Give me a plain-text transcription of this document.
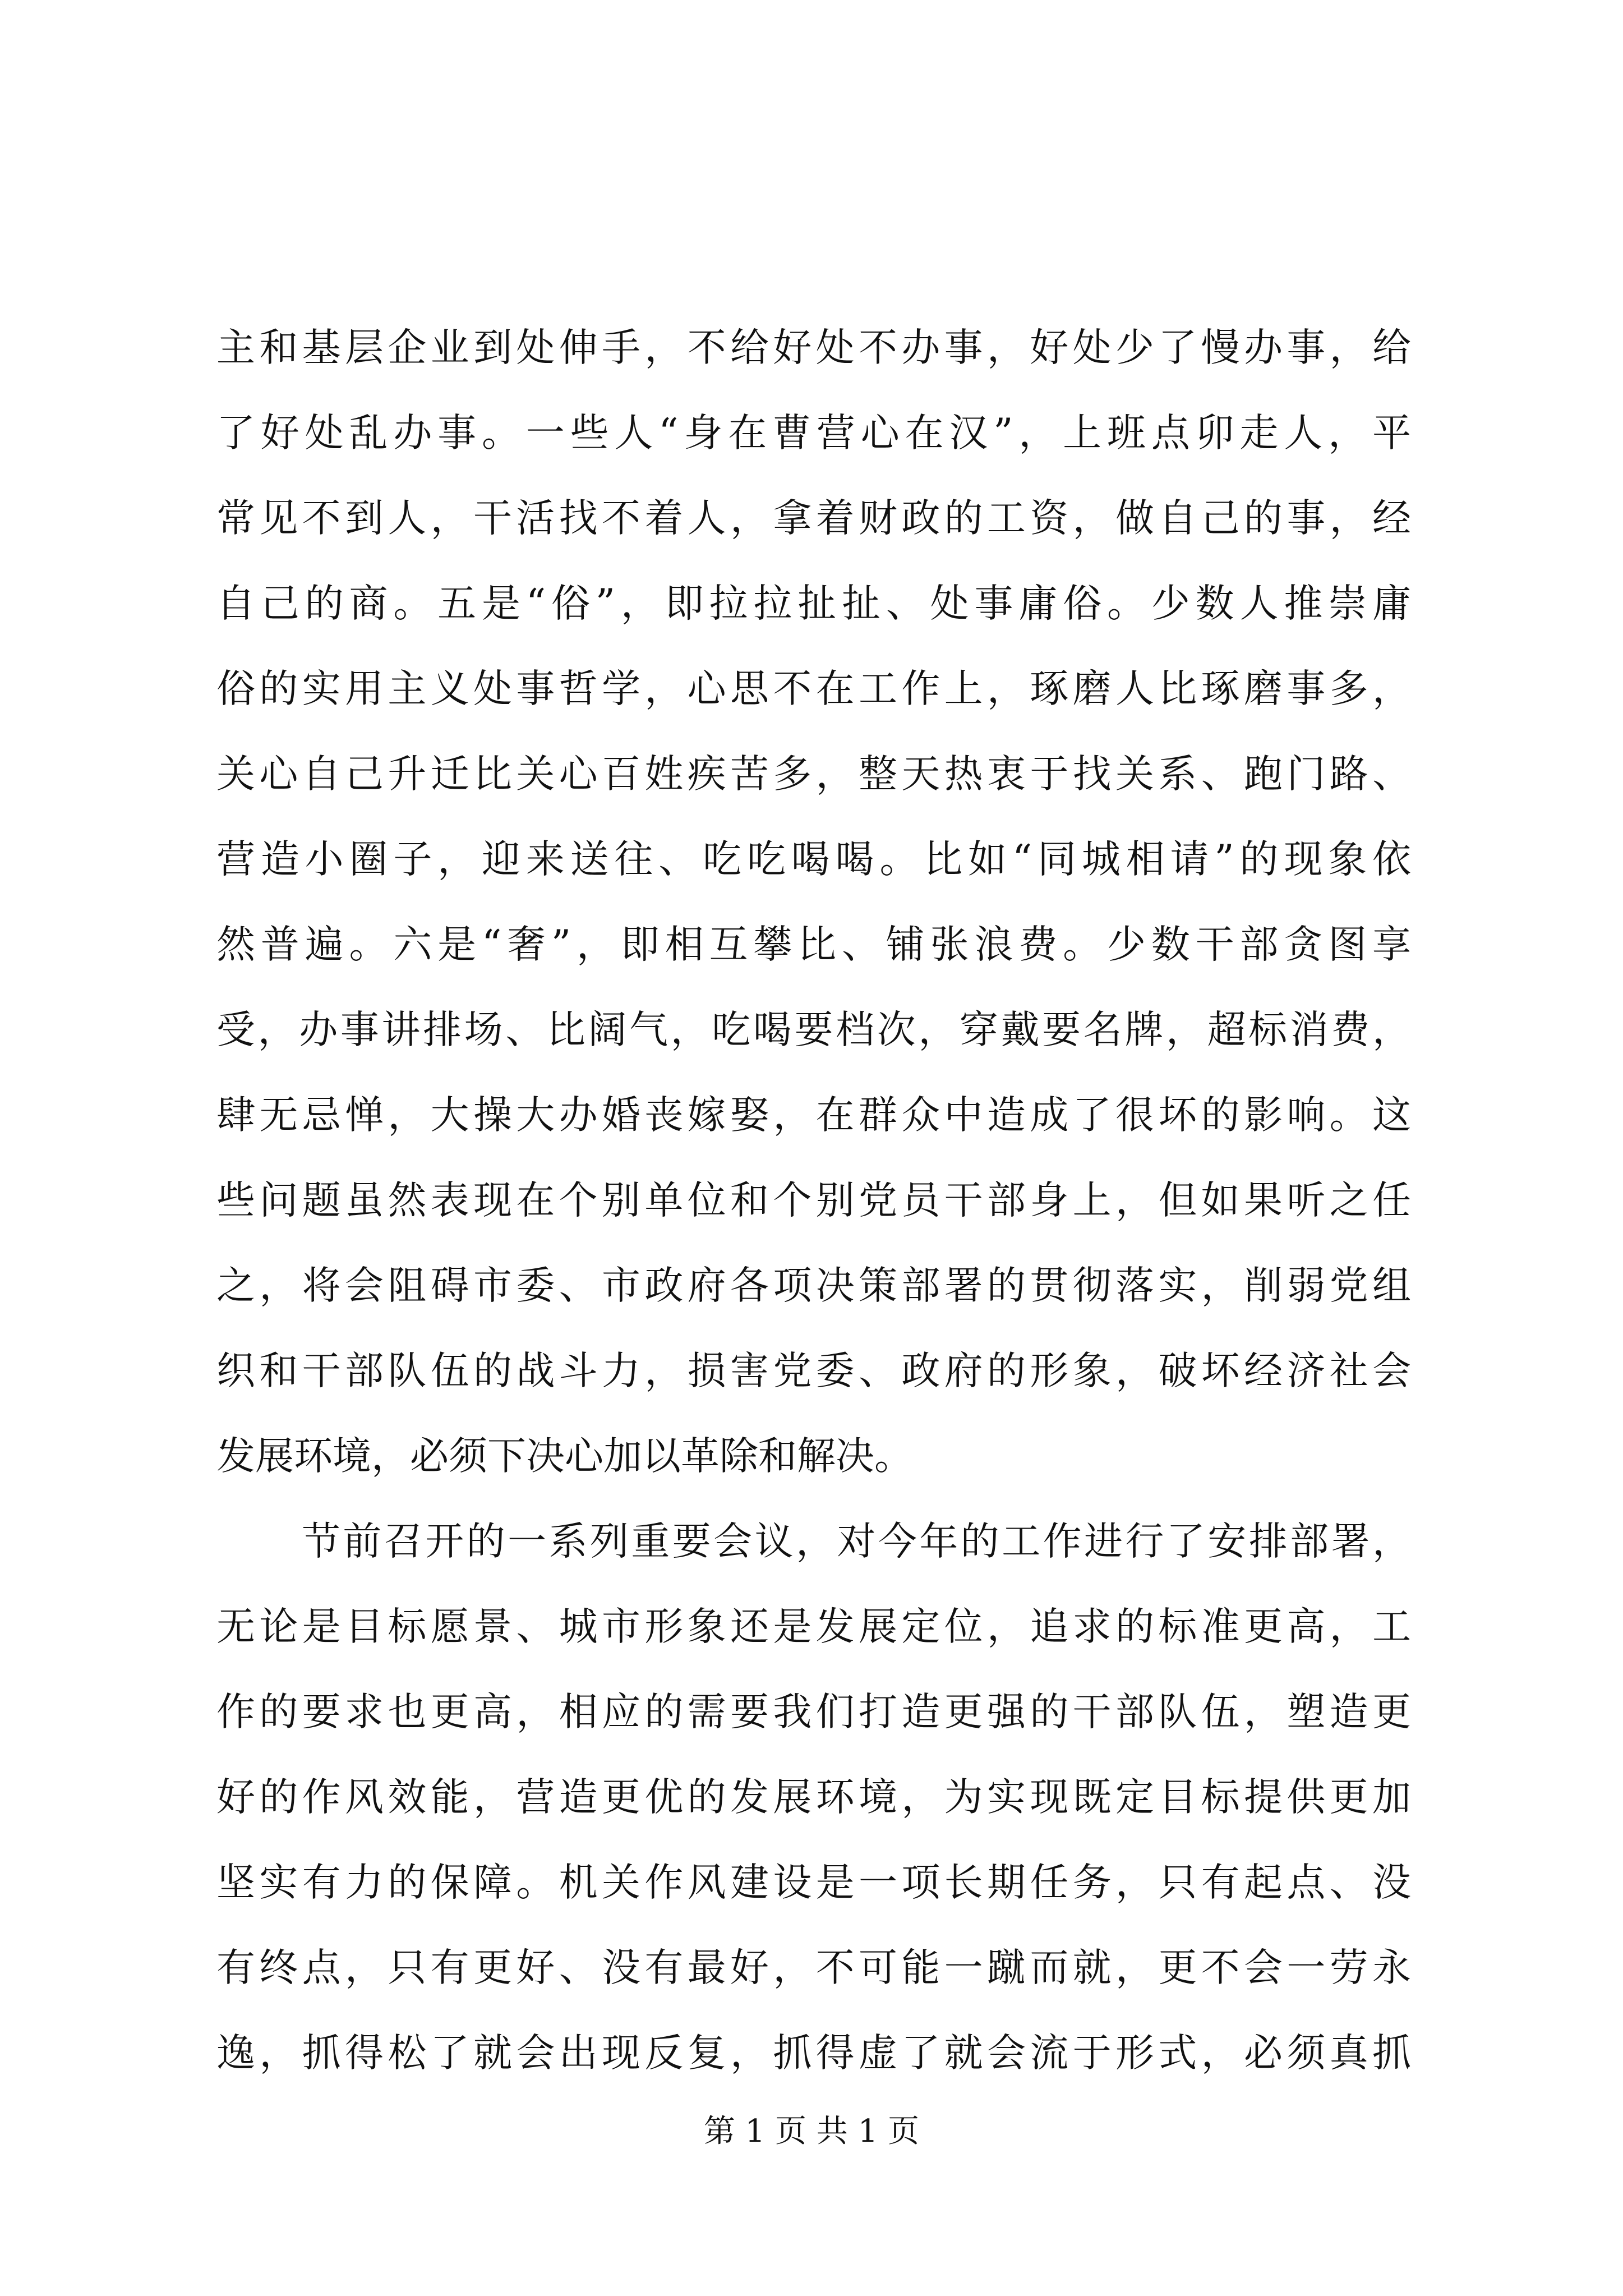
主和基层企业到处伸手，不给好处不办事，好处少了慢办事，给
了好处乱办事。一些人“身在曹营心在汉”，上班点卯走人，平
常见不到人，干活找不着人，拿着财政的工资，做自己的事，经
自己的商。五是“俗”，即拉拉扯扯、处事庸俗。少数人推崇庸
俗的实用主义处事哲学，心思不在工作上，琢磨人比琢磨事多，
关心自己升迁比关心百姓疾苦多，整天热衷于找关系、跑门路、
营造小圈子，迎来送往、吃吃喝喝。比如“同城相请”的现象依
然普遍。六是“奢”，即相互攀比、铺张浪费。少数干部贪图享
受，办事讲排场、比阔气，吃喝要档次，穿戴要名牌，超标消费，
肆无忌惮，大操大办婚丧嫁娶，在群众中造成了很坏的影响。这
些问题虽然表现在个别单位和个别党员干部身上，但如果听之任
之，将会阻碍市委、市政府各项决策部署的贯彻落实，削弱党组
织和干部队伍的战斗力，损害党委、政府的形象，破坏经济社会
发展环境，必须下决心加以革除和解决。
节前召开的一系列重要会议，对今年的工作进行了安排部署，
无论是目标愿景、城市形象还是发展定位，追求的标准更高，工
作的要求也更高，相应的需要我们打造更强的干部队伍，塑造更
好的作风效能，营造更优的发展环境，为实现既定目标提供更加
坚实有力的保障。机关作风建设是一项长期任务，只有起点、没
有终点，只有更好、没有最好，不可能一蹴而就，更不会一劳永
逸，抓得松了就会出现反复，抓得虚了就会流于形式，必须真抓
第 1 页 共 1 页
